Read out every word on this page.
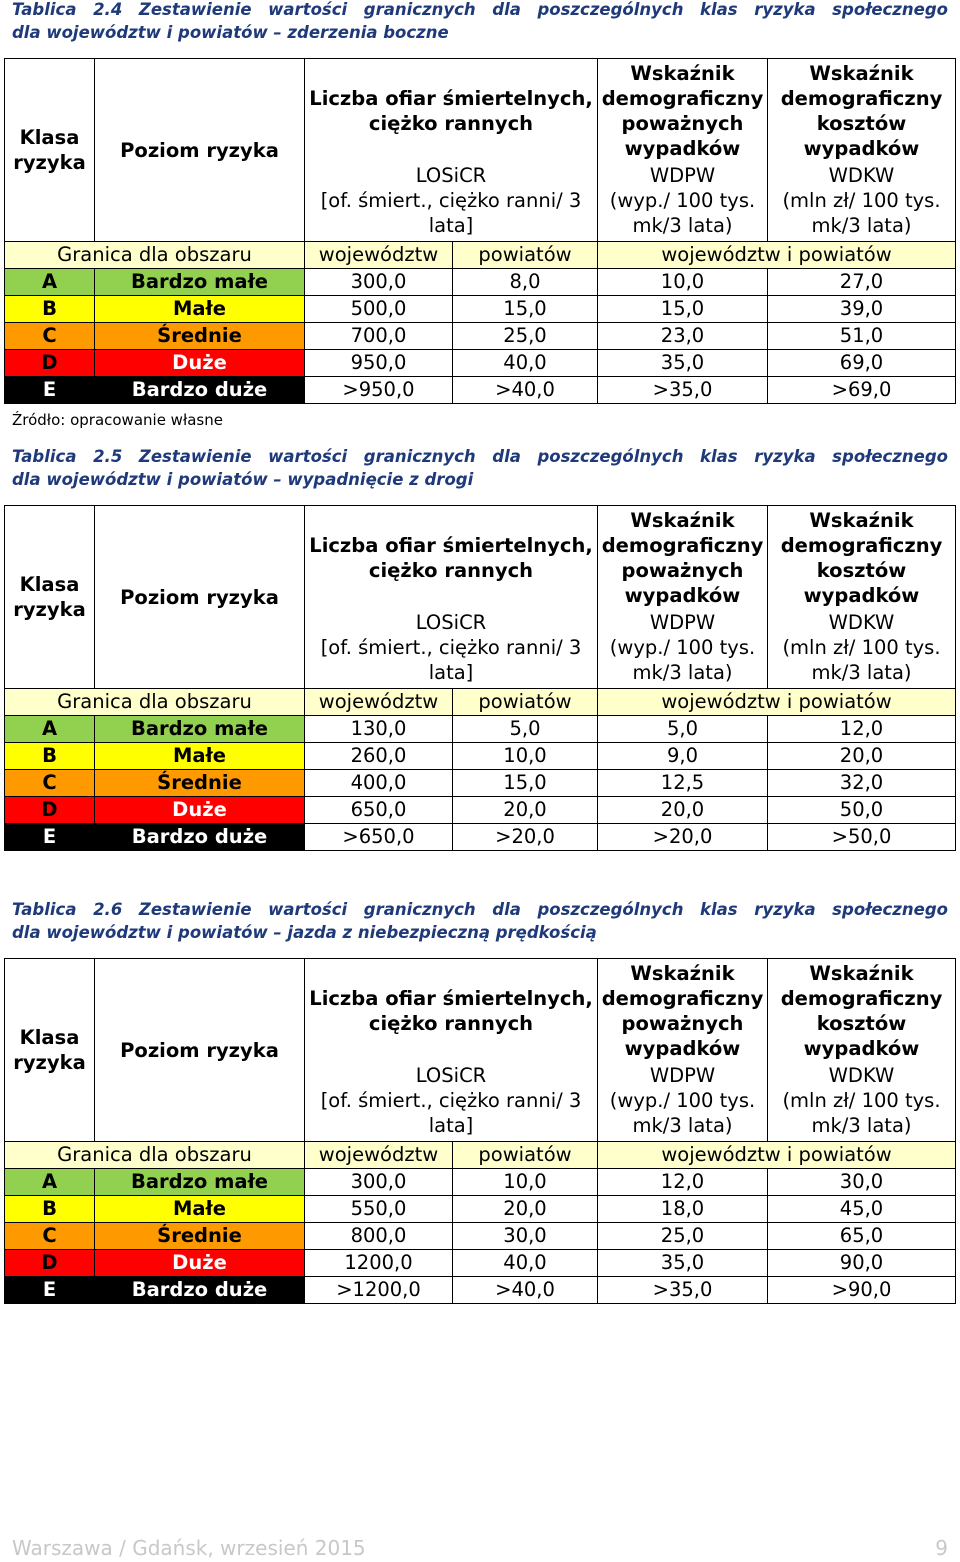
Tablica 2.4 Zestawienie wartości granicznych dla poszczególnych klas ryzyka społecznego
dla województw i powiatów – zderzenia boczne
Klasa ryzyka	Poziom ryzyka	Liczba ofiar śmiertelnych, ciężko rannych		Wskaźnik demograficzny poważnych wypadków	Wskaźnik demograficzny kosztów wypadków
		LOSiCR		WDPW	WDKW
		[of. śmiert., ciężko ranni/ 3 lata]		(wyp./ 100 tys. mk/3 lata)	(mln zł/ 100 tys. mk/3 lata)
Granica dla obszaru		województw	powiatów	województw i powiatów	
A	Bardzo małe	300,0	8,0	10,0	27,0
B	Małe	500,0	15,0	15,0	39,0
C	Średnie	700,0	25,0	23,0	51,0
D	Duże	950,0	40,0	35,0	69,0
E	Bardzo duże	>950,0	>40,0	>35,0	>69,0
Źródło: opracowanie własne
Tablica 2.5 Zestawienie wartości granicznych dla poszczególnych klas ryzyka społecznego
dla województw i powiatów – wypadnięcie z drogi
Klasa ryzyka	Poziom ryzyka	Liczba ofiar śmiertelnych, ciężko rannych		Wskaźnik demograficzny poważnych wypadków	Wskaźnik demograficzny kosztów wypadków
		LOSiCR		WDPW	WDKW
		[of. śmiert., ciężko ranni/ 3 lata]		(wyp./ 100 tys. mk/3 lata)	(mln zł/ 100 tys. mk/3 lata)
Granica dla obszaru		województw	powiatów	województw i powiatów	
A	Bardzo małe	130,0	5,0	5,0	12,0
B	Małe	260,0	10,0	9,0	20,0
C	Średnie	400,0	15,0	12,5	32,0
D	Duże	650,0	20,0	20,0	50,0
E	Bardzo duże	>650,0	>20,0	>20,0	>50,0
Tablica 2.6 Zestawienie wartości granicznych dla poszczególnych klas ryzyka społecznego
dla województw i powiatów – jazda z niebezpieczną prędkością
Klasa ryzyka	Poziom ryzyka	Liczba ofiar śmiertelnych, ciężko rannych		Wskaźnik demograficzny poważnych wypadków	Wskaźnik demograficzny kosztów wypadków
		LOSiCR		WDPW	WDKW
		[of. śmiert., ciężko ranni/ 3 lata]		(wyp./ 100 tys. mk/3 lata)	(mln zł/ 100 tys. mk/3 lata)
Granica dla obszaru		województw	powiatów	województw i powiatów	
A	Bardzo małe	300,0	10,0	12,0	30,0
B	Małe	550,0	20,0	18,0	45,0
C	Średnie	800,0	30,0	25,0	65,0
D	Duże	1200,0	40,0	35,0	90,0
E	Bardzo duże	>1200,0	>40,0	>35,0	>90,0
Warszawa / Gdańsk, wrzesień 2015	9
